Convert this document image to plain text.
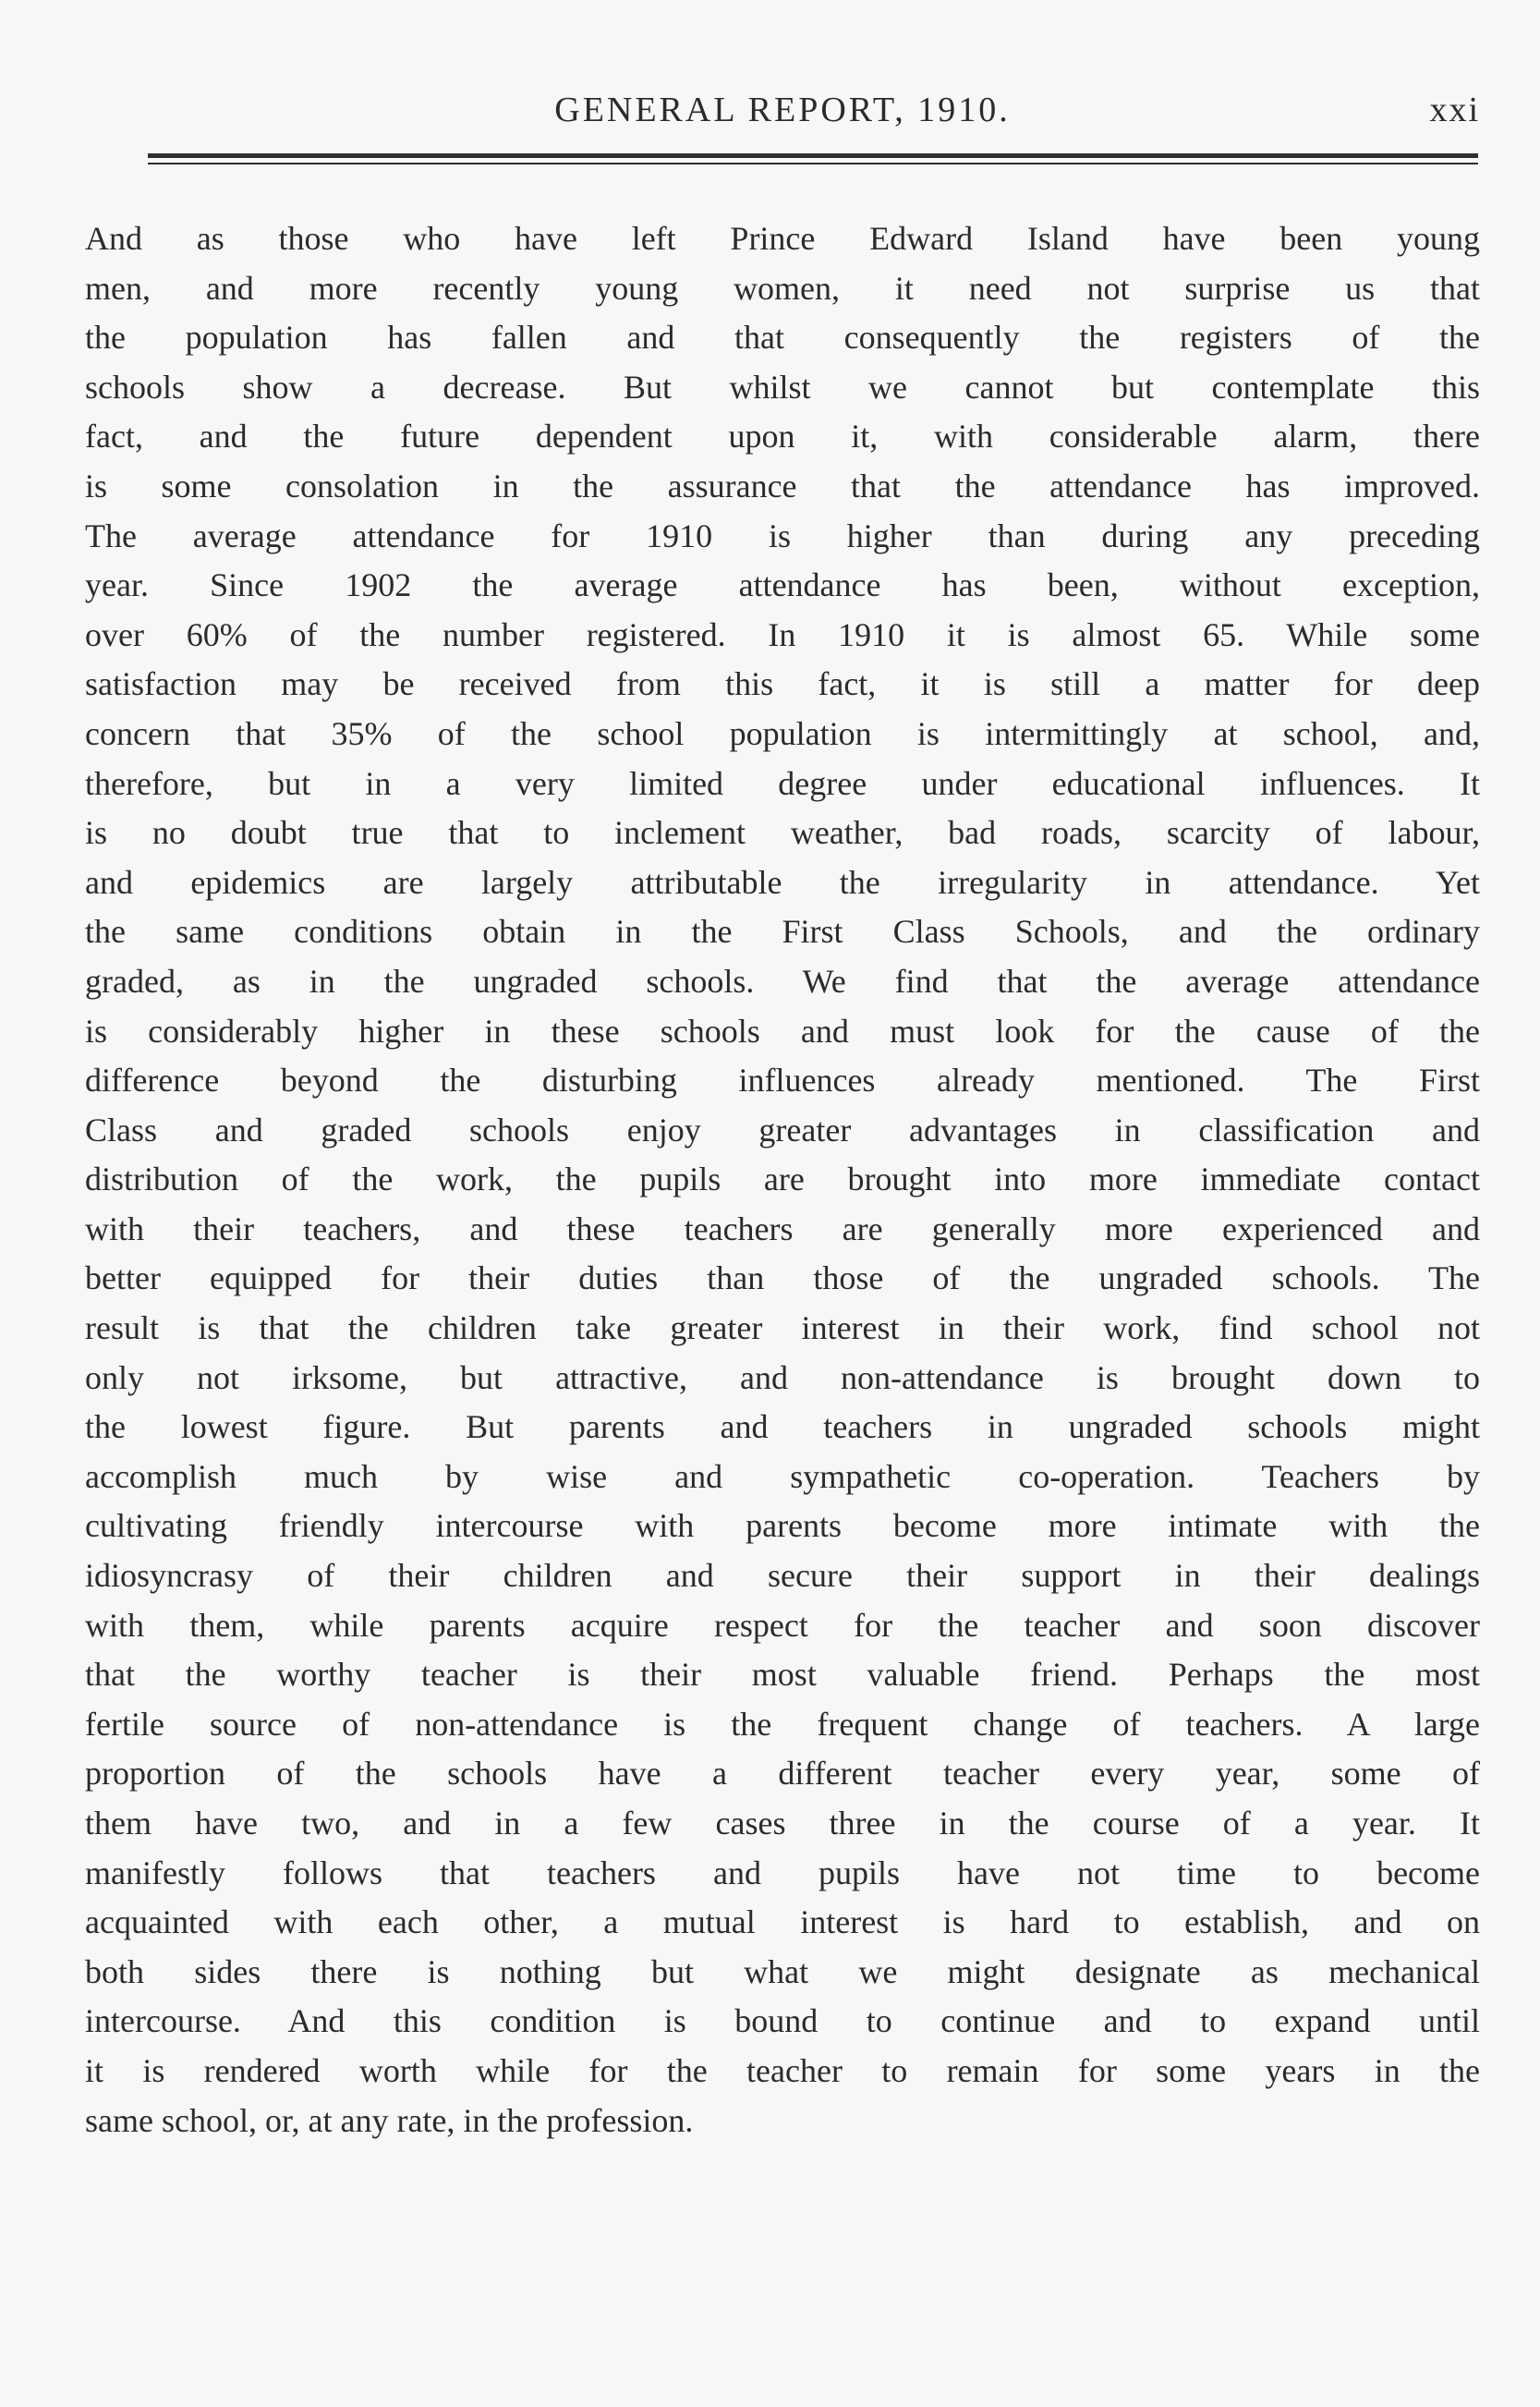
GENERAL REPORT, 1910.	xxi
And as those who have left Prince Edward Island have been young
men, and more recently young women, it need not surprise us that
the population has fallen and that consequently the registers of the
schools show a decrease. But whilst we cannot but contemplate this
fact, and the future dependent upon it, with considerable alarm, there
is some consolation in the assurance that the attendance has improved.
The average attendance for 1910 is higher than during any preceding
year. Since 1902 the average attendance has been, without exception,
over 60% of the number registered. In 1910 it is almost 65. While some
satisfaction may be received from this fact, it is still a matter for deep
concern that 35% of the school population is intermittingly at school, and,
therefore, but in a very limited degree under educational influences. It
is no doubt true that to inclement weather, bad roads, scarcity of labour,
and epidemics are largely attributable the irregularity in attendance. Yet
the same conditions obtain in the First Class Schools, and the ordinary
graded, as in the ungraded schools. We find that the average attendance
is considerably higher in these schools and must look for the cause of the
difference beyond the disturbing influences already mentioned. The First
Class and graded schools enjoy greater advantages in classification and
distribution of the work, the pupils are brought into more immediate contact
with their teachers, and these teachers are generally more experienced and
better equipped for their duties than those of the ungraded schools. The
result is that the children take greater interest in their work, find school not
only not irksome, but attractive, and non-attendance is brought down to
the lowest figure. But parents and teachers in ungraded schools might
accomplish much by wise and sympathetic co-operation. Teachers by
cultivating friendly intercourse with parents become more intimate with the
idiosyncrasy of their children and secure their support in their dealings
with them, while parents acquire respect for the teacher and soon discover
that the worthy teacher is their most valuable friend. Perhaps the most
fertile source of non-attendance is the frequent change of teachers. A large
proportion of the schools have a different teacher every year, some of
them have two, and in a few cases three in the course of a year. It
manifestly follows that teachers and pupils have not time to become
acquainted with each other, a mutual interest is hard to establish, and on
both sides there is nothing but what we might designate as mechanical
intercourse. And this condition is bound to continue and to expand until
it is rendered worth while for the teacher to remain for some years in the
same school, or, at any rate, in the profession.
